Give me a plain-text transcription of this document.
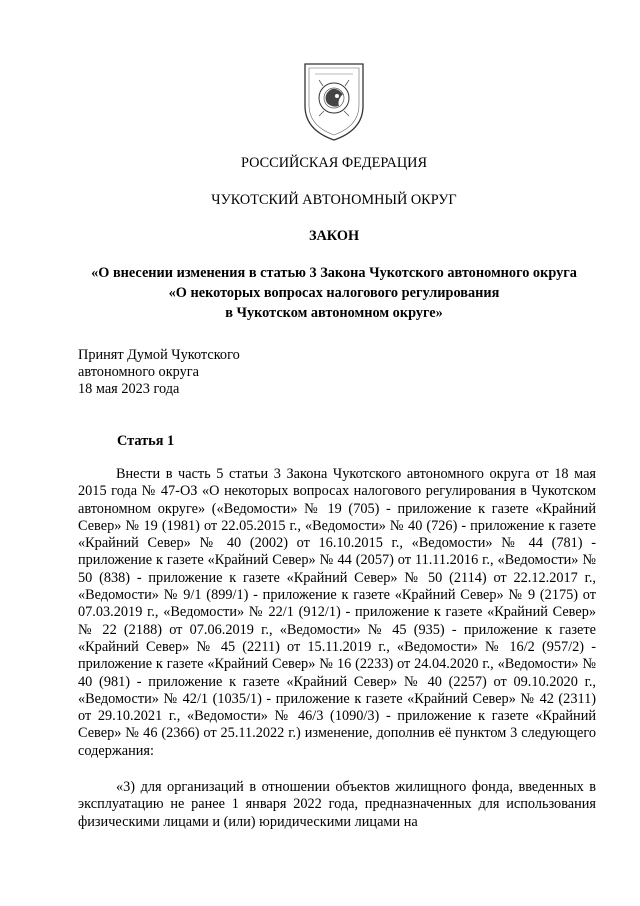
РОССИЙСКАЯ ФЕДЕРАЦИЯ
ЧУКОТСКИЙ АВТОНОМНЫЙ ОКРУГ
ЗАКОН
«О внесении изменения в статью 3 Закона Чукотского автономного округа
«О некоторых вопросах налогового регулирования
в Чукотском автономном округе»
Принят Думой Чукотского
автономного округа
18 мая 2023 года
Статья 1

Внести в часть 5 статьи 3 Закона Чукотского автономного округа от 18 мая 2015 года № 47-ОЗ «О некоторых вопросах налогового регулирования в Чукотском автономном округе» («Ведомости» № 19 (705) - приложение к газете «Крайний Север» № 19 (1981) от 22.05.2015 г., «Ведомости» № 40 (726) - приложение к газете «Крайний Север» № 40 (2002) от 16.10.2015 г., «Ведомости» № 44 (781) - приложение к газете «Крайний Север» № 44 (2057) от 11.11.2016 г., «Ведомости» № 50 (838) - приложение к газете «Крайний Север» № 50 (2114) от 22.12.2017 г., «Ведомости» № 9/1 (899/1) - приложение к газете «Крайний Север» № 9 (2175) от 07.03.2019 г., «Ведомости» № 22/1 (912/1) - приложение к газете «Крайний Север» № 22 (2188) от 07.06.2019 г., «Ведомости» № 45 (935) - приложение к газете «Крайний Север» № 45 (2211) от 15.11.2019 г., «Ведомости» № 16/2 (957/2) - приложение к газете «Крайний Север» № 16 (2233) от 24.04.2020 г., «Ведомости» № 40 (981) - приложение к газете «Крайний Север» № 40 (2257) от 09.10.2020 г., «Ведомости» № 42/1 (1035/1) - приложение к газете «Крайний Север» № 42 (2311) от 29.10.2021 г., «Ведомости» № 46/3 (1090/3) - приложение к газете «Крайний Север» № 46 (2366) от 25.11.2022 г.) изменение, дополнив её пунктом 3 следующего содержания:

«3) для организаций в отношении объектов жилищного фонда, введенных в эксплуатацию не ранее 1 января 2022 года, предназначенных для использования физическими лицами и (или) юридическими лицами на
